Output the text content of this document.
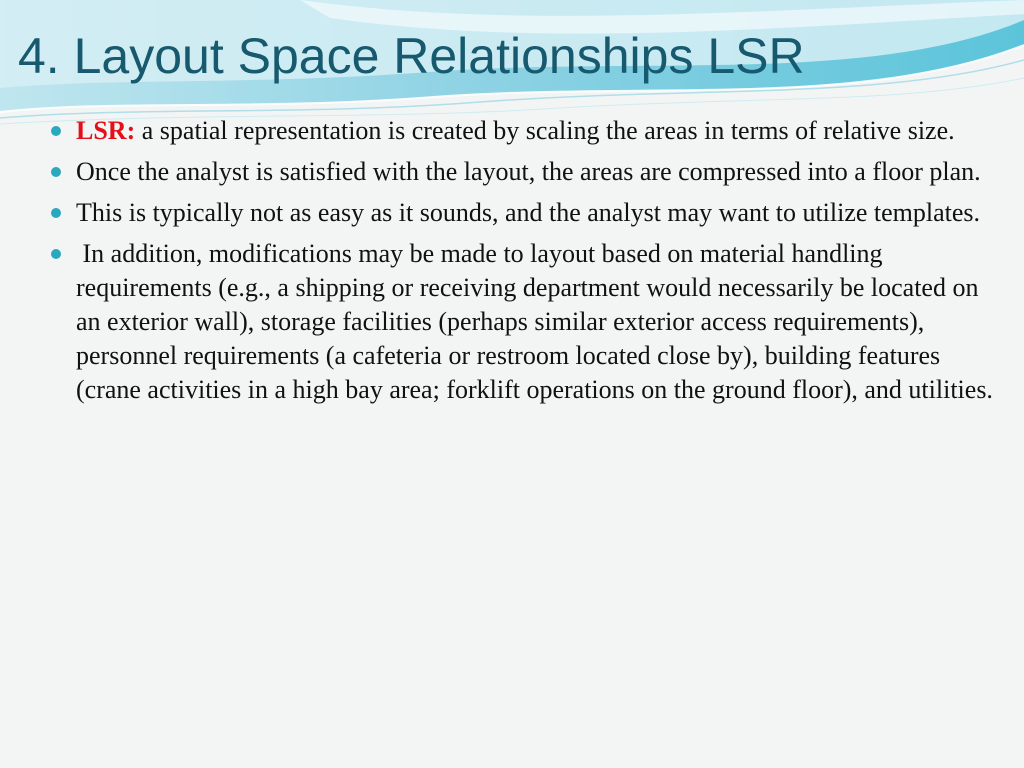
4. Layout Space Relationships LSR
LSR: a spatial representation is created by scaling the areas in terms of relative size.
Once the analyst is satisfied with the layout, the areas are compressed into a floor plan.
This is typically not as easy as it sounds, and the analyst may want to utilize templates.
In addition, modifications may be made to layout based on material handling requirements (e.g., a shipping or receiving department would necessarily be located on an exterior wall), storage facilities (perhaps similar exterior access requirements), personnel requirements (a cafeteria or restroom located close by), building features (crane activities in a high bay area; forklift operations on the ground floor), and utilities.
